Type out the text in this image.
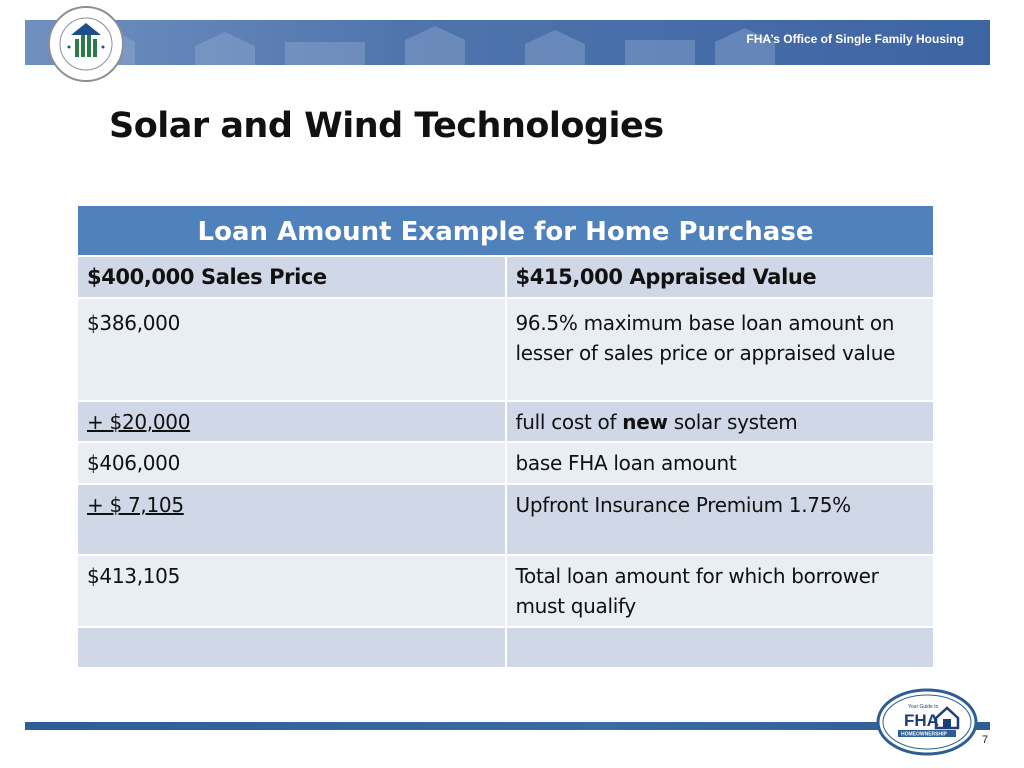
FHA’s Office of Single Family Housing
Solar and Wind Technologies
Loan Amount Example for Home Purchase	
$400,000 Sales Price	$415,000 Appraised Value

$386,000	96.5% maximum base loan amount on lesser of sales price or appraised value

+ $20,000	full cost of new solar system

$406,000	base FHA loan amount

+ $ 7,105	Upfront Insurance Premium 1.75%

$413,105	Total loan amount for which borrower must qualify

Your Guide to
FHA
HOMEOWNERSHIP	7
